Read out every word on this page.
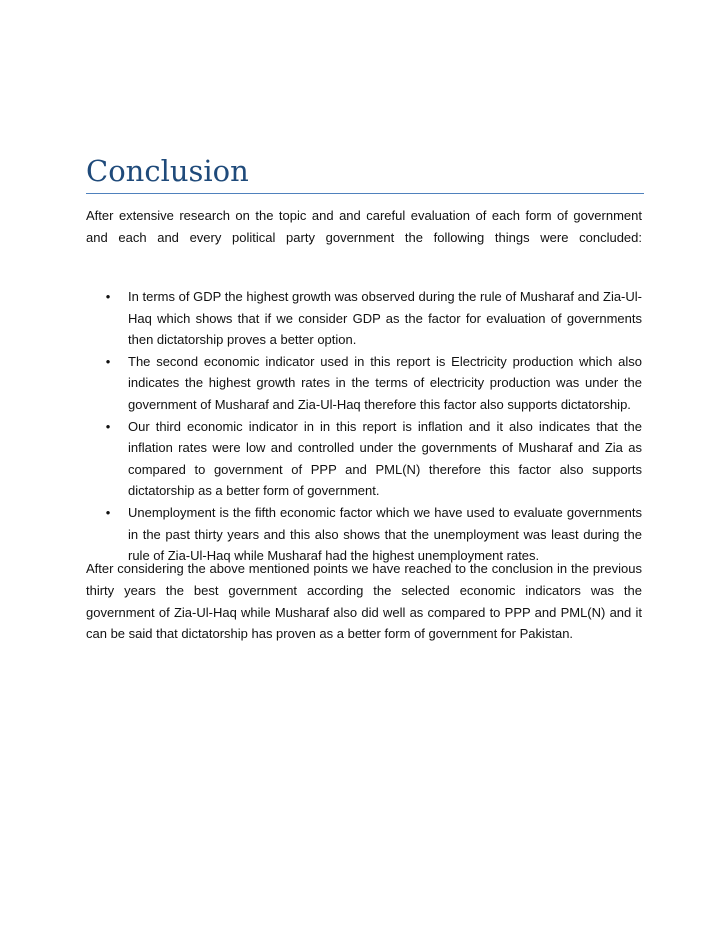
Conclusion

After extensive research on the topic and and careful evaluation of each form of government and each and every political party government the following things were concluded:

• In terms of GDP the highest growth was observed during the rule of Musharaf and Zia-Ul-Haq which shows that if we consider GDP as the factor for evaluation of governments then dictatorship proves a better option.
• The second economic indicator used in this report is Electricity production which also indicates the highest growth rates in the terms of electricity production was under the government of Musharaf and Zia-Ul-Haq therefore this factor also supports dictatorship.
• Our third economic indicator in in this report is inflation and it also indicates that the inflation rates were low and controlled under the governments of Musharaf and Zia as compared to government of PPP and PML(N) therefore this factor also supports dictatorship as a better form of government.
• Unemployment is the fifth economic factor which we have used to evaluate governments in the past thirty years and this also shows that the unemployment was least during the rule of Zia-Ul-Haq while Musharaf had the highest unemployment rates.

After considering the above mentioned points we have reached to the conclusion in the previous thirty years the best government according the selected economic indicators was the government of Zia-Ul-Haq while Musharaf also did well as compared to PPP and PML(N) and it can be said that dictatorship has proven as a better form of government for Pakistan.
